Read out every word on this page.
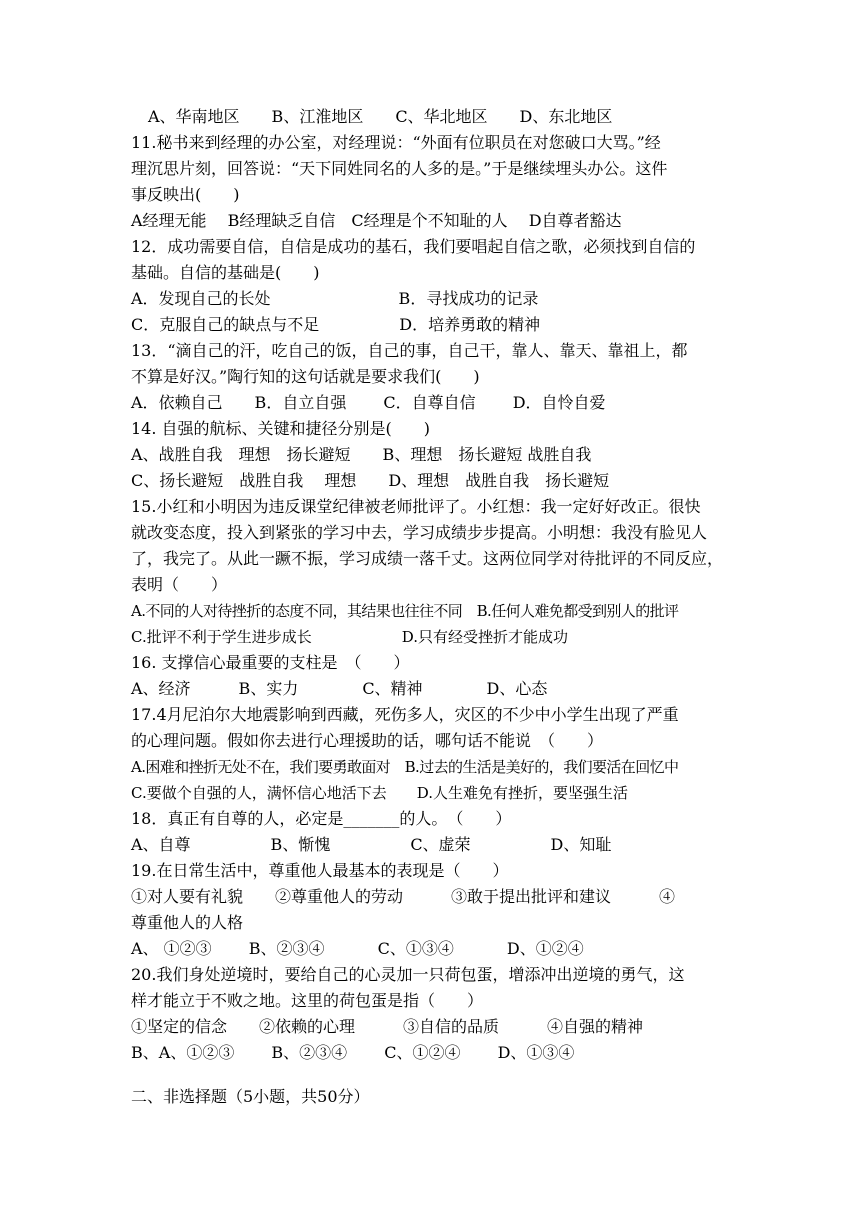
A、华南地区　　B、江淮地区　　C、华北地区　　D、东北地区
11.秘书来到经理的办公室，对经理说：“外面有位职员在对您破口大骂。”经
理沉思片刻，回答说：“天下同姓同名的人多的是。”于是继续埋头办公。这件
事反映出(　　)
A经理无能　 B经理缺乏自信　C经理是个不知耻的人　 D自尊者豁达
12．成功需要自信，自信是成功的基石，我们要唱起自信之歌，必须找到自信的
基础。自信的基础是(　　)
A．发现自己的长处　　　　　　　　B．寻找成功的记录
C．克服自己的缺点与不足　　　　　D．培养勇敢的精神
13．“滴自己的汗，吃自己的饭，自己的事，自己干，靠人、靠天、靠祖上，都
不算是好汉。”陶行知的这句话就是要求我们(　　)
A．依赖自己　　B．自立自强　　 C．自尊自信　　 D．自怜自爱
14. 自强的航标、关键和捷径分别是(　　)
A、战胜自我　理想　扬长避短　　B、理想　扬长避短 战胜自我
C、扬长避短　战胜自我　 理想　　D、理想　战胜自我　扬长避短
15.小红和小明因为违反课堂纪律被老师批评了。小红想：我一定好好改正。很快
就改变态度，投入到紧张的学习中去，学习成绩步步提高。小明想：我没有脸见人
了，我完了。从此一蹶不振，学习成绩一落千丈。这两位同学对待批评的不同反应，
表明（　　）
A.不同的人对待挫折的态度不同，其结果也往往不同　B.任何人难免都受到别人的批评
C.批评不利于学生进步成长　　　　　　D.只有经受挫折才能成功
16. 支撑信心最重要的支柱是　（　　）
A、经济　　　B、实力　　　　C、精神　　　　D、心态
17.4月尼泊尔大地震影响到西藏，死伤多人，灾区的不少中小学生出现了严重
的心理问题。假如你去进行心理援助的话，哪句话不能说　（　　）
A.困难和挫折无处不在，我们要勇敢面对　B.过去的生活是美好的，我们要活在回忆中
C.要做个自强的人，满怀信心地活下去　　D.人生难免有挫折，要坚强生活
18．真正有自尊的人，必定是_______的人。　（　　）
A、自尊　　　　　B、惭愧　　　　　C、虚荣　　　　　D、知耻
19.在日常生活中，尊重他人最基本的表现是（　　）
①对人要有礼貌　　②尊重他人的劳动　　　③敢于提出批评和建议　　　④
尊重他人的人格
A、 ①②③　　 B、②③④　　　 C、①③④　　　 D、①②④
20.我们身处逆境时，要给自己的心灵加一只荷包蛋，增添冲出逆境的勇气，这
样才能立于不败之地。这里的荷包蛋是指（　　）
①坚定的信念　　②依赖的心理　　　③自信的品质　　　④自强的精神
B、A、①②③　　 B、②③④　　 C、①②④　　 D、①③④
二、非选择题（5小题，共50分）
